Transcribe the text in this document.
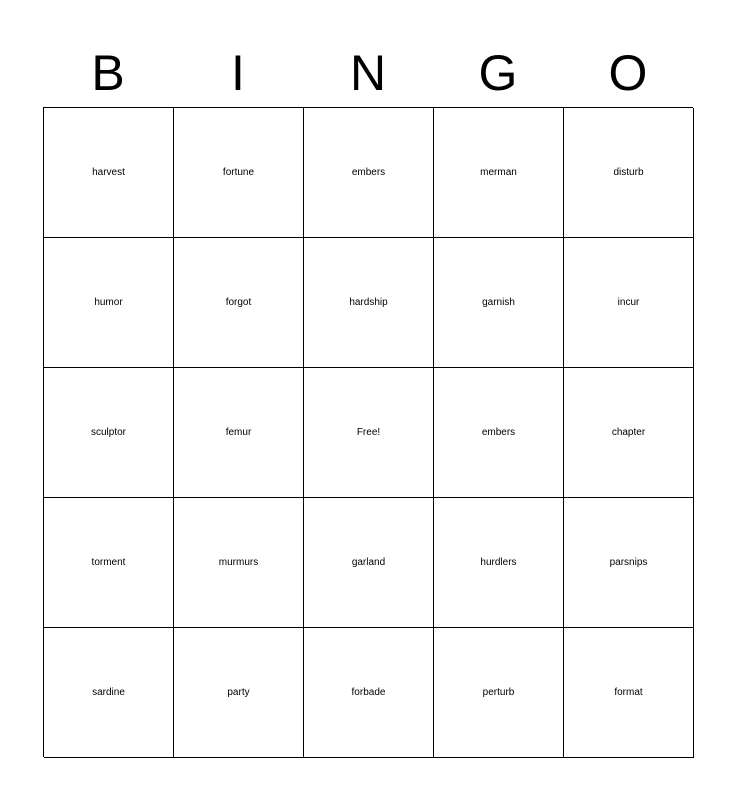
B	I	N	G	O
harvest	fortune	embers	merman	disturb
humor	forgot	hardship	garnish	incur
sculptor	femur	Free!	embers	chapter
torment	murmurs	garland	hurdlers	parsnips
sardine	party	forbade	perturb	format
